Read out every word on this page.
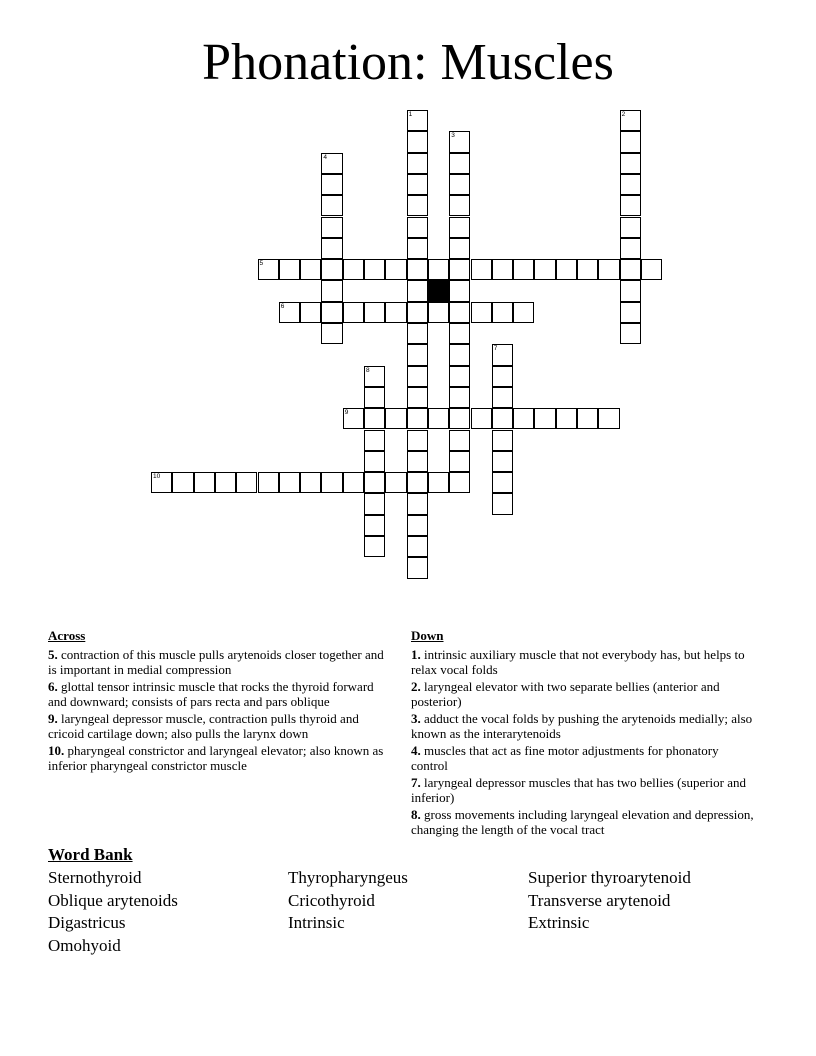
Phonation: Muscles
5
6
9
10
1	2
3
4
7
8
Across
5. contraction of this muscle pulls arytenoids closer together and is important in medial compression
6. glottal tensor intrinsic muscle that rocks the thyroid forward and downward; consists of pars recta and pars oblique
9. laryngeal depressor muscle, contraction pulls thyroid and cricoid cartilage down; also pulls the larynx down
10. pharyngeal constrictor and laryngeal elevator; also known as inferior pharyngeal constrictor muscle
Down
1. intrinsic auxiliary muscle that not everybody has, but helps to relax vocal folds
2. laryngeal elevator with two separate bellies (anterior and posterior)
3. adduct the vocal folds by pushing the arytenoids medially; also known as the interarytenoids
4. muscles that act as fine motor adjustments for phonatory control
7. laryngeal depressor muscles that has two bellies (superior and inferior)
8. gross movements including laryngeal elevation and depression, changing the length of the vocal tract
Word Bank
Sternothyroid	Thyropharyngeus	Superior thyroarytenoid
Oblique arytenoids	Cricothyroid	Transverse arytenoid
Digastricus	Intrinsic	Extrinsic
Omohyoid
